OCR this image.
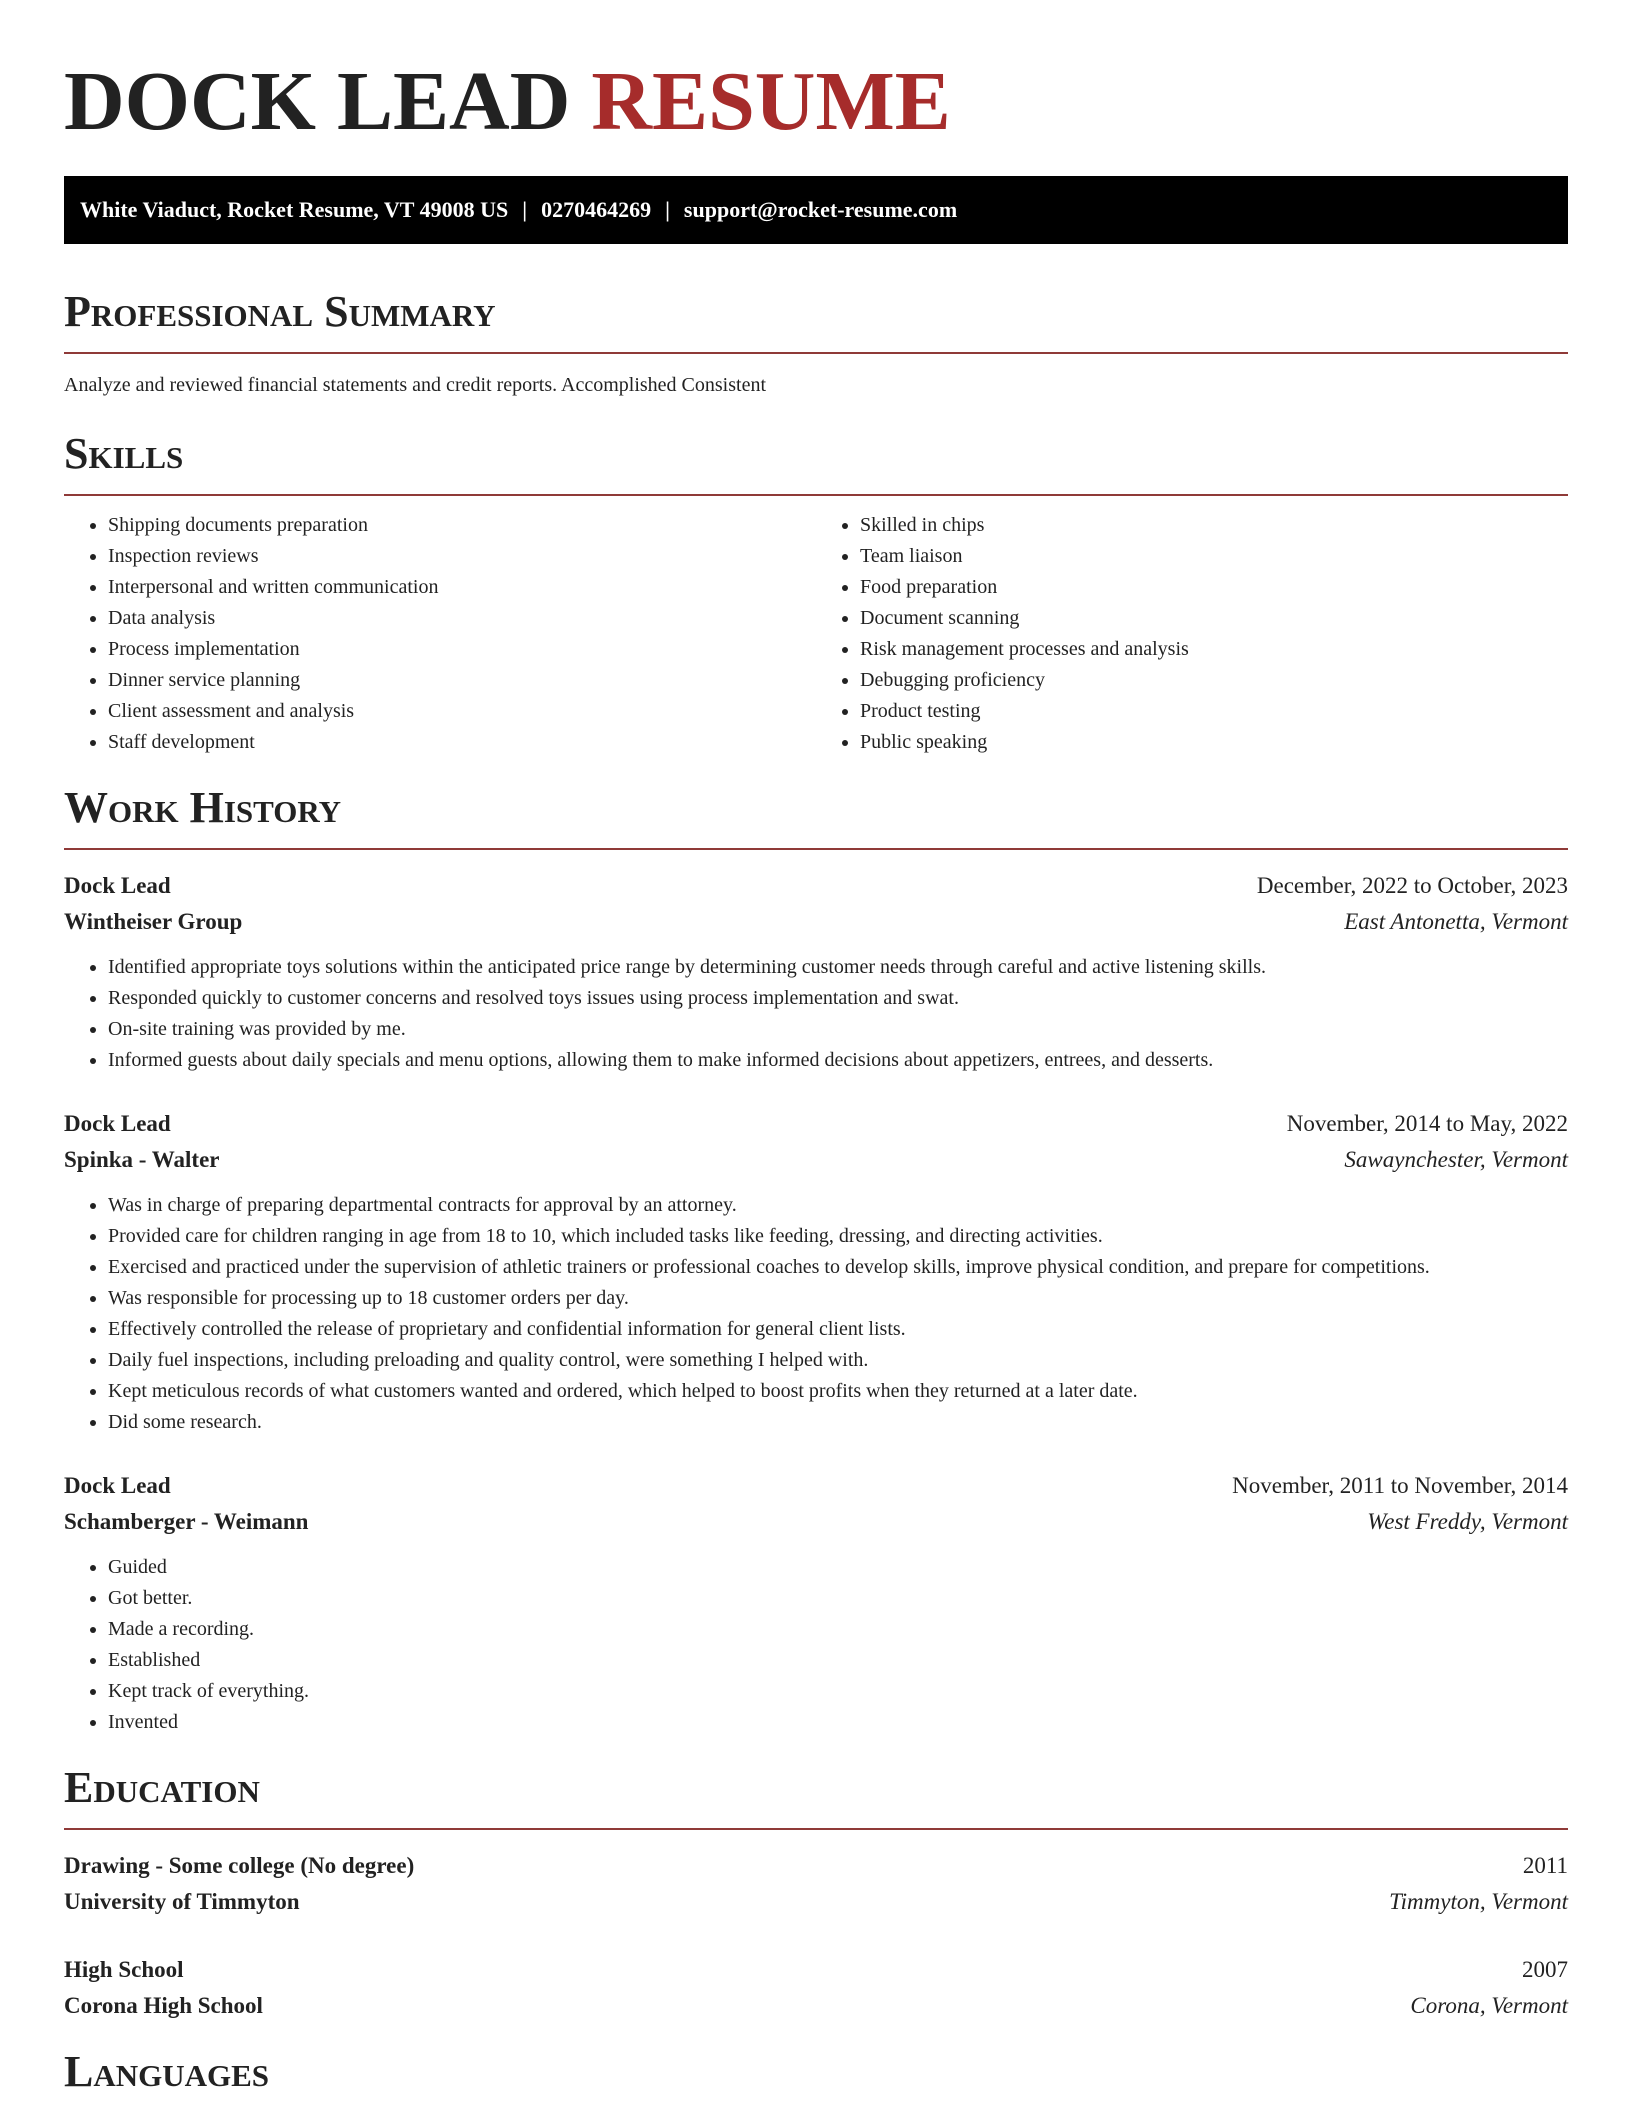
DOCK LEAD RESUME
White Viaduct, Rocket Resume, VT 49008 US | 0270464269 | support@rocket-resume.com
Professional Summary
Analyze and reviewed financial statements and credit reports. Accomplished Consistent
Skills
• Shipping documents preparation
• Inspection reviews
• Interpersonal and written communication
• Data analysis
• Process implementation
• Dinner service planning
• Client assessment and analysis
• Staff development
• Skilled in chips
• Team liaison
• Food preparation
• Document scanning
• Risk management processes and analysis
• Debugging proficiency
• Product testing
• Public speaking
Work History
Dock Lead	December, 2022 to October, 2023
Wintheiser Group	East Antonetta, Vermont
• Identified appropriate toys solutions within the anticipated price range by determining customer needs through careful and active listening skills.
• Responded quickly to customer concerns and resolved toys issues using process implementation and swat.
• On-site training was provided by me.
• Informed guests about daily specials and menu options, allowing them to make informed decisions about appetizers, entrees, and desserts.
Dock Lead	November, 2014 to May, 2022
Spinka - Walter	Sawaynchester, Vermont
• Was in charge of preparing departmental contracts for approval by an attorney.
• Provided care for children ranging in age from 18 to 10, which included tasks like feeding, dressing, and directing activities.
• Exercised and practiced under the supervision of athletic trainers or professional coaches to develop skills, improve physical condition, and prepare for competitions.
• Was responsible for processing up to 18 customer orders per day.
• Effectively controlled the release of proprietary and confidential information for general client lists.
• Daily fuel inspections, including preloading and quality control, were something I helped with.
• Kept meticulous records of what customers wanted and ordered, which helped to boost profits when they returned at a later date.
• Did some research.
Dock Lead	November, 2011 to November, 2014
Schamberger - Weimann	West Freddy, Vermont
• Guided
• Got better.
• Made a recording.
• Established
• Kept track of everything.
• Invented
Education
Drawing - Some college (No degree)	2011
University of Timmyton	Timmyton, Vermont
High School	2007
Corona High School	Corona, Vermont
Languages
